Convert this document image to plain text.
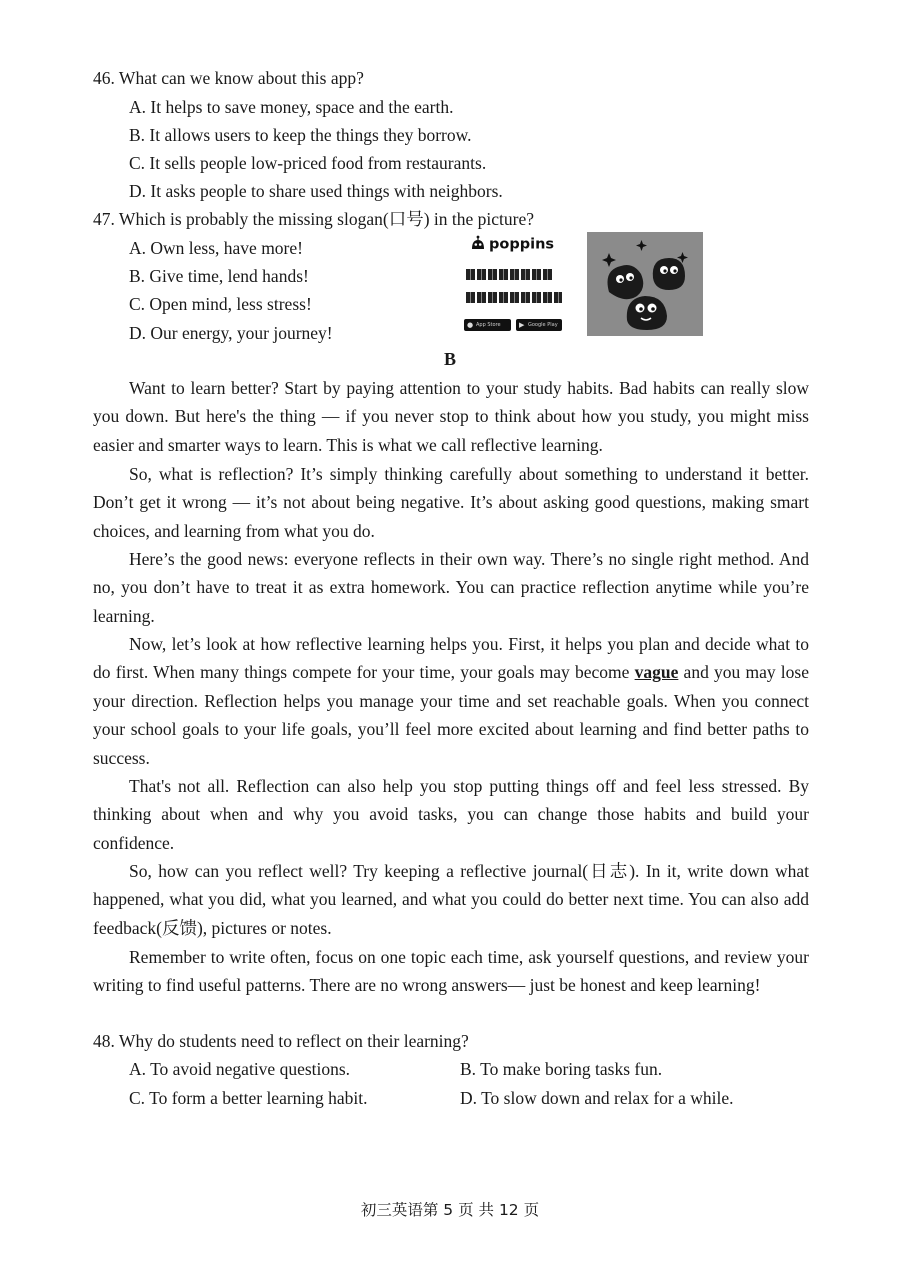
46. What can we know about this app?
A. It helps to save money, space and the earth.
B. It allows users to keep the things they borrow.
C. It sells people low-priced food from restaurants.
D. It asks people to share used things with neighbors.
47. Which is probably the missing slogan(口号) in the picture?
A. Own less, have more!
B. Give time, lend hands!
C. Open mind, less stress!
D. Our energy, your journey!
poppins
● App Store	▶ Google Play
B
Want to learn better? Start by paying attention to your study habits. Bad habits can really slow you down. But here's the thing — if you never stop to think about how you study, you might miss easier and smarter ways to learn. This is what we call reflective learning.
So, what is reflection? It’s simply thinking carefully about something to understand it better. Don’t get it wrong — it’s not about being negative. It’s about asking good questions, making smart choices, and learning from what you do.
Here’s the good news: everyone reflects in their own way. There’s no single right method. And no, you don’t have to treat it as extra homework. You can practice reflection anytime while you’re learning.
Now, let’s look at how reflective learning helps you. First, it helps you plan and decide what to do first. When many things compete for your time, your goals may become vague and you may lose your direction. Reflection helps you manage your time and set reachable goals. When you connect your school goals to your life goals, you’ll feel more excited about learning and find better paths to success.
That's not all. Reflection can also help you stop putting things off and feel less stressed. By thinking about when and why you avoid tasks, you can change those habits and build your confidence.
So, how can you reflect well? Try keeping a reflective journal(日志). In it, write down what happened, what you did, what you learned, and what you could do better next time. You can also add feedback(反馈), pictures or notes.
Remember to write often, focus on one topic each time, ask yourself questions, and review your writing to find useful patterns. There are no wrong answers— just be honest and keep learning!
48. Why do students need to reflect on their learning?
A. To avoid negative questions.	B. To make boring tasks fun.
C. To form a better learning habit.	D. To slow down and relax for a while.
初三英语第 5 页 共 12 页
